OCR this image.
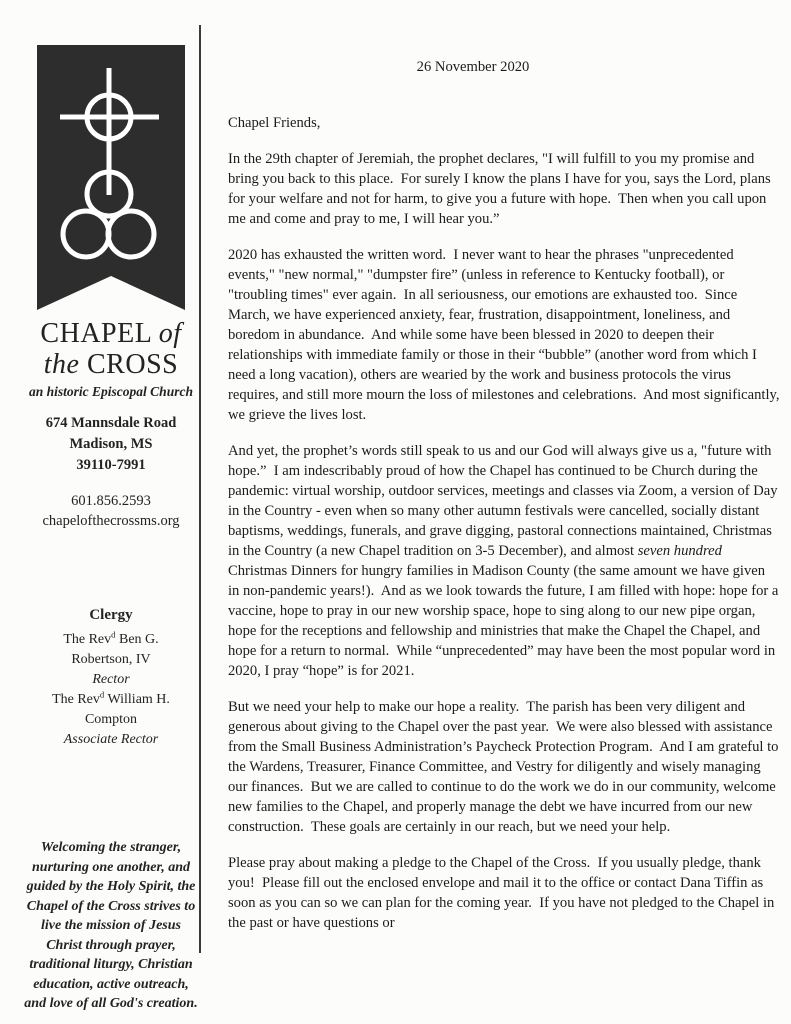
CHAPEL of
the CROSS
an historic Episcopal Church
674 Mannsdale Road
Madison, MS
39110-7991
601.856.2593
chapelofthecrossms.org
Clergy
The Rev$^d$ Ben G.
Robertson, IV
Rector
The Rev$^d$ William H.
Compton
Associate Rector
Welcoming the stranger, nurturing one another, and guided by the Holy Spirit, the Chapel of the Cross strives to live the mission of Jesus Christ through prayer, traditional liturgy, Christian education, active outreach, and love of all God's creation.
26 November 2020
Chapel Friends,

In the 29th chapter of Jeremiah, the prophet declares, "I will fulfill to you my promise and bring you back to this place.  For surely I know the plans I have for you, says the Lord, plans for your welfare and not for harm, to give you a future with hope.  Then when you call upon me and come and pray to me, I will hear you.”

2020 has exhausted the written word.  I never want to hear the phrases "unprecedented events," "new normal," "dumpster fire” (unless in reference to Kentucky football), or "troubling times" ever again.  In all seriousness, our emotions are exhausted too.  Since March, we have experienced anxiety, fear, frustration, disappointment, loneliness, and boredom in abundance.  And while some have been blessed in 2020 to deepen their relationships with immediate family or those in their “bubble” (another word from which I need a long vacation), others are wearied by the work and business protocols the virus requires, and still more mourn the loss of milestones and celebrations.  And most significantly, we grieve the lives lost.

And yet, the prophet’s words still speak to us and our God will always give us a, "future with hope.”  I am indescribably proud of how the Chapel has continued to be Church during the pandemic: virtual worship, outdoor services, meetings and classes via Zoom, a version of Day in the Country - even when so many other autumn festivals were cancelled, socially distant baptisms, weddings, funerals, and grave digging, pastoral connections maintained, Christmas in the Country (a new Chapel tradition on 3-5 December), and almost seven hundred Christmas Dinners for hungry families in Madison County (the same amount we have given in non-pandemic years!).  And as we look towards the future, I am filled with hope: hope for a vaccine, hope to pray in our new worship space, hope to sing along to our new pipe organ, hope for the receptions and fellowship and ministries that make the Chapel the Chapel, and hope for a return to normal.  While “unprecedented” may have been the most popular word in 2020, I pray “hope” is for 2021.

But we need your help to make our hope a reality.  The parish has been very diligent and generous about giving to the Chapel over the past year.  We were also blessed with assistance from the Small Business Administration’s Paycheck Protection Program.  And I am grateful to the Wardens, Treasurer, Finance Committee, and Vestry for diligently and wisely managing our finances.  But we are called to continue to do the work we do in our community, welcome new families to the Chapel, and properly manage the debt we have incurred from our new construction.  These goals are certainly in our reach, but we need your help.

Please pray about making a pledge to the Chapel of the Cross.  If you usually pledge, thank you!  Please fill out the enclosed envelope and mail it to the office or contact Dana Tiffin as soon as you can so we can plan for the coming year.  If you have not pledged to the Chapel in the past or have questions or
